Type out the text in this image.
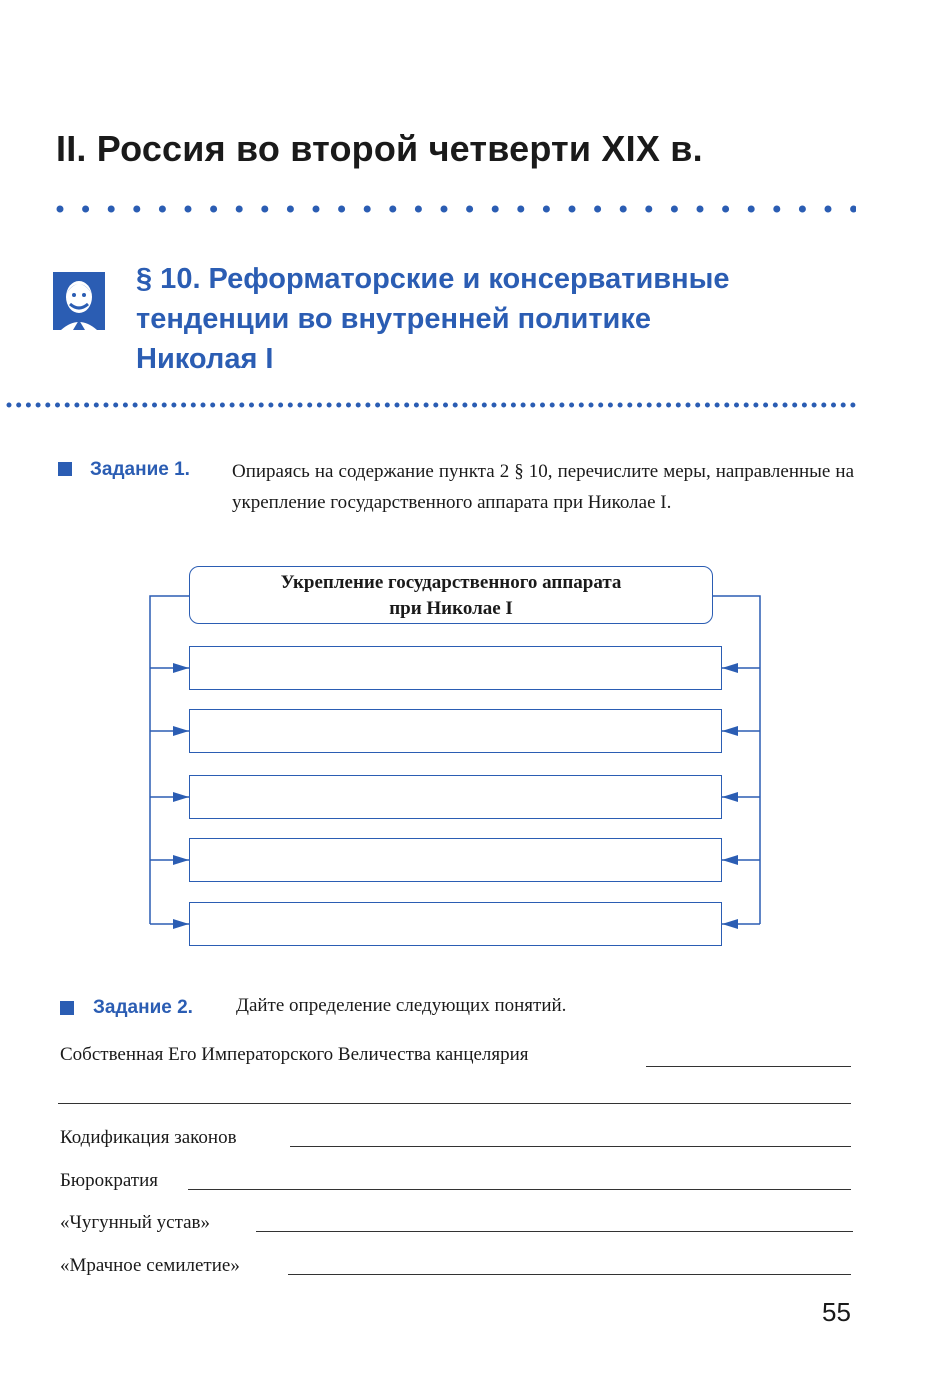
II. Россия во второй четверти XIX в.
§ 10. Реформаторские и консервативные
тенденции во внутренней политике
Николая I
Задание 1. Опираясь на содержание пункта 2 § 10, перечислите меры, направленные на укрепление государственного аппарата при Николае I.
Укрепление государственного аппарата
при Николае I
Задание 2. Дайте определение следующих понятий.
Собственная Его Императорского Величества канцелярия
Кодификация законов
Бюрократия
«Чугунный устав»
«Мрачное семилетие»
55
